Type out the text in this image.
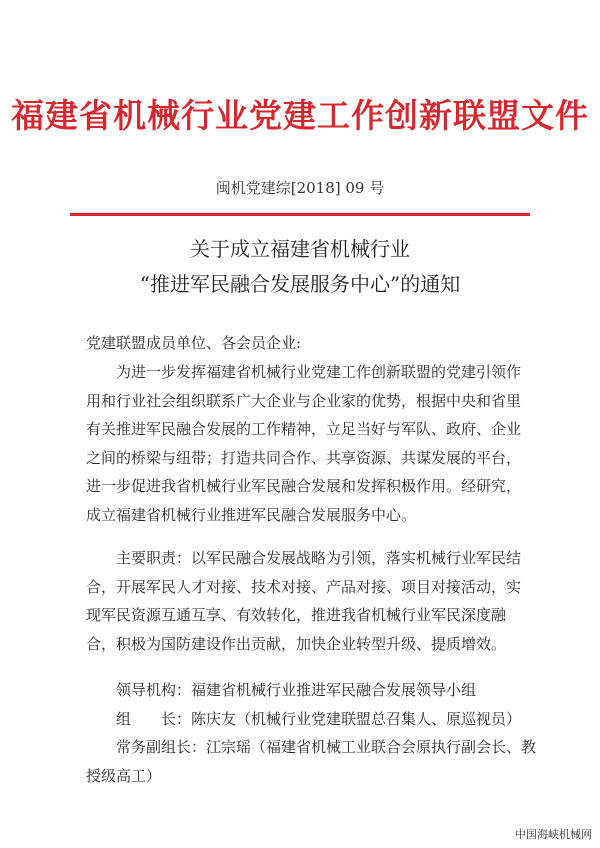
福建省机械行业党建工作创新联盟文件
闽机党建综[2018] 09 号
关于成立福建省机械行业
“推进军民融合发展服务中心”的通知

党建联盟成员单位、各会员企业:

为进一步发挥福建省机械行业党建工作创新联盟的党建引领作用和行业社会组织联系广大企业与企业家的优势，根据中央和省里有关推进军民融合发展的工作精神，立足当好与军队、政府、企业之间的桥梁与纽带；打造共同合作、共享资源、共谋发展的平台，进一步促进我省机械行业军民融合发展和发挥积极作用。经研究，成立福建省机械行业推进军民融合发展服务中心。

主要职责：以军民融合发展战略为引领，落实机械行业军民结合，开展军民人才对接、技术对接、产品对接、项目对接活动，实现军民资源互通互享、有效转化，推进我省机械行业军民深度融合，积极为国防建设作出贡献，加快企业转型升级、提质增效。

领导机构：福建省机械行业推进军民融合发展领导小组
组　　长：陈庆友（机械行业党建联盟总召集人、原巡视员）
常务副组长：江宗瑶（福建省机械工业联合会原执行副会长、教
授级高工）
中国海峡机械网
